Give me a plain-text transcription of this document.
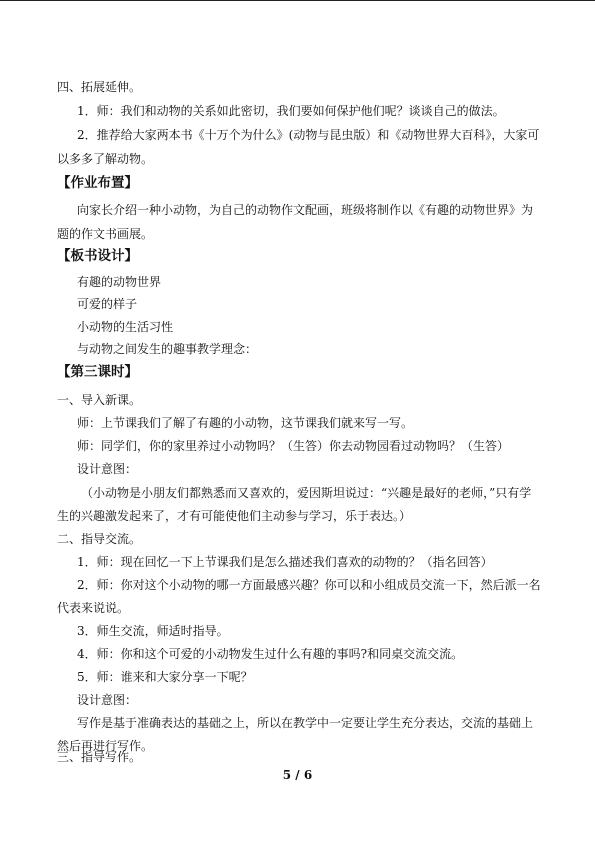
四、拓展延伸。
1．师：我们和动物的关系如此密切，我们要如何保护他们呢？谈谈自己的做法。
2．推荐给大家两本书《十万个为什么》(动物与昆虫版）和《动物世界大百科》，大家可
以多多了解动物。
【作业布置】
向家长介绍一种小动物，为自己的动物作文配画，班级将制作以《有趣的动物世界》为
题的作文书画展。
【板书设计】
有趣的动物世界
可爱的样子
小动物的生活习性
与动物之间发生的趣事教学理念：
【第三课时】
一、导入新课。
师：上节课我们了解了有趣的小动物，这节课我们就来写一写。
师：同学们，你的家里养过小动物吗？（生答）你去动物园看过动物吗？（生答）
设计意图：
（小动物是小朋友们都熟悉而又喜欢的，爱因斯坦说过：“兴趣是最好的老师，”只有学
生的兴趣激发起来了，才有可能使他们主动参与学习，乐于表达。）
二、指导交流。
1．师：现在回忆一下上节课我们是怎么描述我们喜欢的动物的？（指名回答）
2．师：你对这个小动物的哪一方面最感兴趣？你可以和小组成员交流一下，然后派一名
代表来说说。
3．师生交流，师适时指导。
4．师：你和这个可爱的小动物发生过什么有趣的事吗?和同桌交流交流。
5．师：谁来和大家分享一下呢？
设计意图：
写作是基于准确表达的基础之上，所以在教学中一定要让学生充分表达，交流的基础上
然后再进行写作。
三、指导写作。
5 / 6
